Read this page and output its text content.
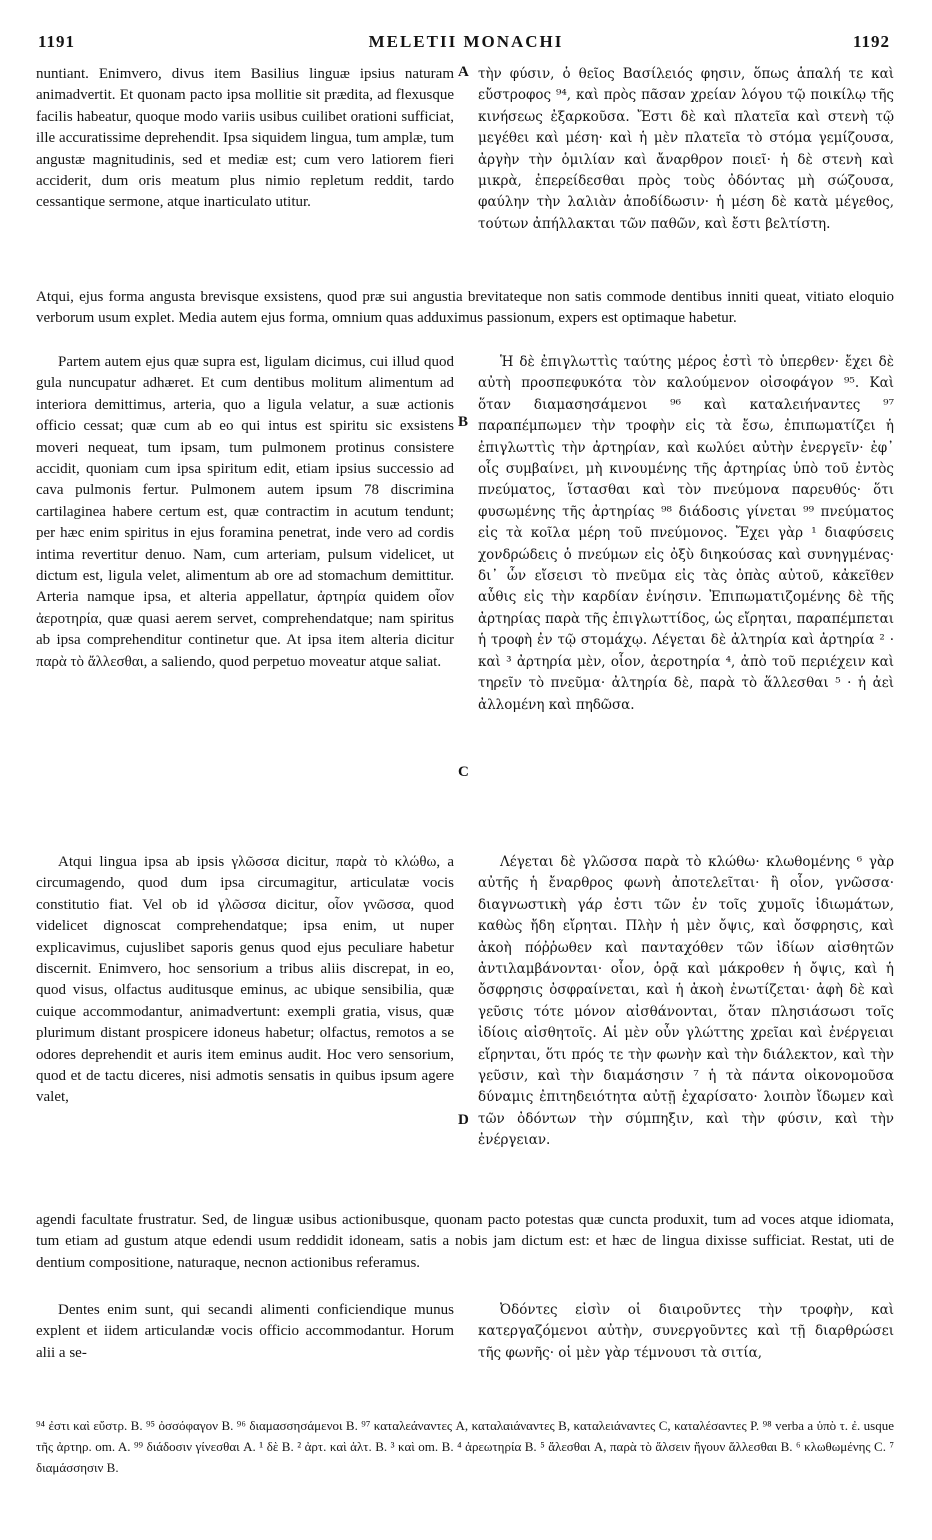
1191	MELETII MONACHI	1192

nuntiant. Enimvero, divus item Basilius linguæ ipsius naturam animadvertit. Et quonam pacto ipsa mollitie sit prædita, ad flexusque facilis habeatur, quoque modo variis usibus cuilibet orationi sufficiat, ille accuratissime deprehendit. Ipsa siquidem lingua, tum amplæ, tum angustæ magnitudinis, sed et mediæ est; cum vero latiorem fieri acciderit, dum oris meatum plus nimio repletum reddit, tardo cessantique sermone, atque inarticulato utitur.

A τὴν φύσιν, ὁ θεῖος Βασίλειός φησιν, ὅπως ἁπαλή τε καὶ εὔστροφος ⁹⁴, καὶ πρὸς πᾶσαν χρείαν λόγου τῷ ποικίλῳ τῆς κινήσεως ἐξαρκοῦσα. Ἔστι δὲ καὶ πλατεῖα καὶ στενὴ τῷ μεγέθει καὶ μέση· καὶ ἡ μὲν πλατεῖα τὸ στόμα γεμίζουσα, ἀργὴν τὴν ὁμιλίαν καὶ ἄναρθρον ποιεῖ· ἡ δὲ στενὴ καὶ μικρὰ, ἐπερείδεσθαι πρὸς τοὺς ὀδόντας μὴ σώζουσα, φαύλην τὴν λαλιὰν ἀποδίδωσιν· ἡ μέση δὲ κατὰ μέγεθος, τούτων ἀπήλλακται τῶν παθῶν, καὶ ἔστι βελτίστη.

Atqui, ejus forma angusta brevisque exsistens, quod præ sui angustia brevitateque non satis commode dentibus inniti queat, vitiato eloquio verborum usum explet. Media autem ejus forma, omnium quas adduximus passionum, expers est optimaque habetur.

Partem autem ejus quæ supra est, ligulam dicimus, cui illud quod gula nuncupatur adhæret. Et cum dentibus molitum alimentum ad interiora demittimus, arteria, quo a ligula velatur, a suæ actionis officio cessat; quæ cum ab eo qui intus est spiritu sic exsistens moveri nequeat, tum ipsam, tum pulmonem protinus consistere accidit, quoniam cum ipsa spiritum edit, etiam ipsius successio ad cava pulmonis fertur. Pulmonem autem ipsum 78 discrimina cartilaginea habere certum est, quæ contractim in acutum tendunt; per hæc enim spiritus in ejus foramina penetrat, inde vero ad cordis intima revertitur denuo. Nam, cum arteriam, pulsum videlicet, ut dictum est, ligula velet, alimentum ab ore ad stomachum demittitur. Arteria namque ipsa, et alteria appellatur, ἀρτηρία quidem οἷον ἀεροτηρία, quæ quasi aerem servet, comprehendatque; nam spiritus ab ipsa comprehenditur continetur que. At ipsa item alteria dicitur παρὰ τὸ ἄλλεσθαι, a saliendo, quod perpetuo moveatur atque saliat.

B
C

Ἡ δὲ ἐπιγλωττὶς ταύτης μέρος ἐστὶ τὸ ὑπερθεν· ἔχει δὲ αὐτὴ προσπεφυκότα τὸν καλούμενον οἰσοφάγον ⁹⁵. Καὶ ὅταν διαμασησάμενοι ⁹⁶ καὶ καταλειήναντες ⁹⁷ παραπέμπωμεν τὴν τροφὴν εἰς τὰ ἔσω, ἐπιπωματίζει ἡ ἐπιγλωττὶς τὴν ἀρτηρίαν, καὶ κωλύει αὐτὴν ἐνεργεῖν· ἐφ᾽ οἷς συμβαίνει, μὴ κινουμένης τῆς ἀρτηρίας ὑπὸ τοῦ ἐντὸς πνεύματος, ἵστασθαι καὶ τὸν πνεύμονα παρευθύς· ὅτι φυσωμένης τῆς ἀρτηρίας ⁹⁸ διάδοσις γίνεται ⁹⁹ πνεύματος εἰς τὰ κοῖλα μέρη τοῦ πνεύμονος. Ἔχει γὰρ ¹ διαφύσεις χονδρώδεις ὁ πνεύμων εἰς ὀξὺ διηκούσας καὶ συνηγμένας· δι᾽ ὧν εἴσεισι τὸ πνεῦμα εἰς τὰς ὀπὰς αὐτοῦ, κἀκεῖθεν αὖθις εἰς τὴν καρδίαν ἐνίησιν. Ἐπιπωματιζομένης δὲ τῆς ἀρτηρίας παρὰ τῆς ἐπιγλωττίδος, ὡς εἴρηται, παραπέμπεται ἡ τροφὴ ἐν τῷ στομάχῳ. Λέγεται δὲ ἀλτηρία καὶ ἀρτηρία ² · καὶ ³ ἀρτηρία μὲν, οἷον, ἀεροτηρία ⁴, ἀπὸ τοῦ περιέχειν καὶ τηρεῖν τὸ πνεῦμα· ἀλτηρία δὲ, παρὰ τὸ ἅλλεσθαι ⁵ · ἡ ἀεὶ ἀλλομένη καὶ πηδῶσα.

Atqui lingua ipsa ab ipsis γλῶσσα dicitur, παρὰ τὸ κλώθω, a circumagendo, quod dum ipsa circumagitur, articulatæ vocis constitutio fiat. Vel ob id γλῶσσα dicitur, οἷον γνῶσσα, quod videlicet dignoscat comprehendatque; ipsa enim, ut nuper explicavimus, cujuslibet saporis genus quod ejus peculiare habetur discernit. Enimvero, hoc sensorium a tribus aliis discrepat, in eo, quod visus, olfactus auditusque eminus, ac ubique sensibilia, quæ cuique accommodantur, animadvertunt: exempli gratia, visus, quæ plurimum distant prospicere idoneus habetur; olfactus, remotos a se odores deprehendit et auris item eminus audit. Hoc vero sensorium, quod et de tactu diceres, nisi admotis sensatis in quibus ipsum agere valet,

D

Λέγεται δὲ γλῶσσα παρὰ τὸ κλώθω· κλωθομένης ⁶ γὰρ αὐτῆς ἡ ἔναρθρος φωνὴ ἀποτελεῖται· ἢ οἷον, γνῶσσα· διαγνωστικὴ γάρ ἐστι τῶν ἐν τοῖς χυμοῖς ἰδιωμάτων, καθὼς ἤδη εἴρηται. Πλὴν ἡ μὲν ὄψις, καὶ ὄσφρησις, καὶ ἀκοὴ πόῤῥωθεν καὶ πανταχόθεν τῶν ἰδίων αἰσθητῶν ἀντιλαμβάνονται· οἷον, ὁρᾷ καὶ μάκροθεν ἡ ὄψις, καὶ ἡ ὄσφρησις ὀσφραίνεται, καὶ ἡ ἀκοὴ ἐνωτίζεται· ἀφὴ δὲ καὶ γεῦσις τότε μόνον αἰσθάνονται, ὅταν πλησιάσωσι τοῖς ἰδίοις αἰσθητοῖς. Αἱ μὲν οὖν γλώττης χρεῖαι καὶ ἐνέργειαι εἴρηνται, ὅτι πρός τε τὴν φωνὴν καὶ τὴν διάλεκτον, καὶ τὴν γεῦσιν, καὶ τὴν διαμάσησιν ⁷ ἡ τὰ πάντα οἰκονομοῦσα δύναμις ἐπιτηδειότητα αὐτῇ ἐχαρίσατο· λοιπὸν ἴδωμεν καὶ τῶν ὀδόντων τὴν σύμπηξιν, καὶ τὴν φύσιν, καὶ τὴν ἐνέργειαν.

agendi facultate frustratur. Sed, de linguæ usibus actionibusque, quonam pacto potestas quæ cuncta produxit, tum ad voces atque idiomata, tum etiam ad gustum atque edendi usum reddidit idoneam, satis a nobis jam dictum est: et hæc de lingua dixisse sufficiat. Restat, uti de dentium compositione, naturaque, necnon actionibus referamus.

Dentes enim sunt, qui secandi alimenti conficiendique munus explent et iidem articulandæ vocis officio accommodantur. Horum alii a se-

Ὀδόντες εἰσὶν οἱ διαιροῦντες τὴν τροφὴν, καὶ κατεργαζόμενοι αὐτὴν, συνεργοῦντες καὶ τῇ διαρθρώσει τῆς φωνῆς· οἱ μὲν γὰρ τέμνουσι τὰ σιτία,

⁹⁴ ἐστι καὶ εὔστρ. B. ⁹⁵ ὀσσόφαγον B. ⁹⁶ διαμασσησάμενοι B. ⁹⁷ καταλεάναντες A, καταλαιάναντες B, καταλειάναντες C, καταλέσαντες P. ⁹⁸ verba a ὑπὸ τ. ἐ. usque τῆς ἀρτηρ. om. A. ⁹⁹ διάδοσιν γίνεσθαι A. ¹ δὲ B. ² ἀρτ. καὶ ἀλτ. B. ³ καὶ om. B. ⁴ ἀρεωτηρία B. ⁵ ἄλεσθαι A, παρὰ τὸ ἅλσειν ἤγουν ἅλλεσθαι B. ⁶ κλωθωμένης C. ⁷ διαμάσσησιν B.
